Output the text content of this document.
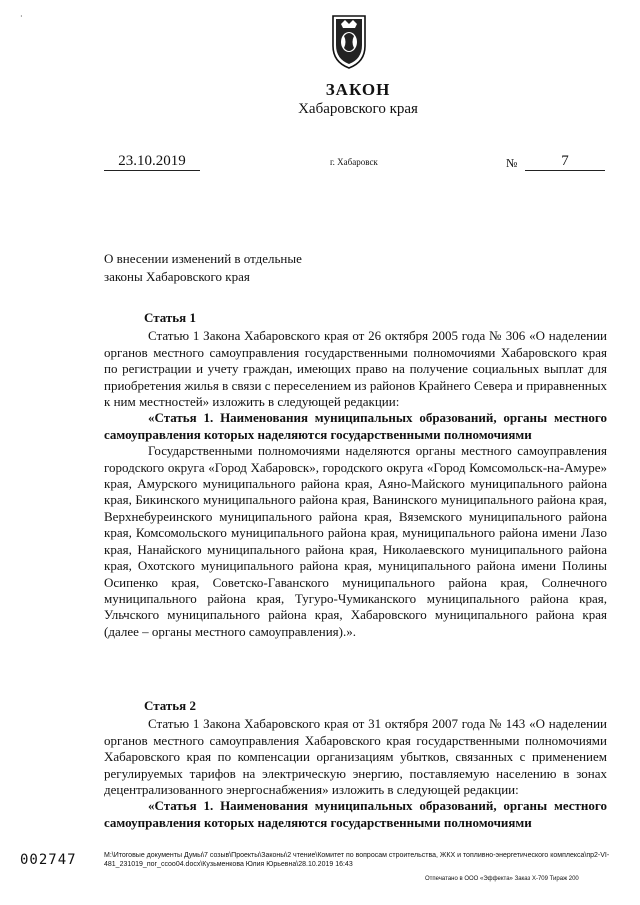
·
ЗАКОН
Хабаровского края
23.10.2019	г. Хабаровск	№	7
О внесении изменений в отдельные
законы Хабаровского края
Статья 1

Статью 1 Закона Хабаровского края от 26 октября 2005 года № 306 «О наделении органов местного самоуправления государственными полномочиями Хабаровского края по регистрации и учету граждан, имеющих право на получение социальных выплат для приобретения жилья в связи с переселением из районов Крайнего Севера и приравненных к ним местностей» изложить в следующей редакции:

«Статья 1. Наименования муниципальных образований, органы местного самоуправления которых наделяются государственными полномочиями

Государственными полномочиями наделяются органы местного самоуправления городского округа «Город Хабаровск», городского округа «Город Комсомольск-на-Амуре» края, Амурского муниципального района края, Аяно-Майского муниципального района края, Бикинского муниципального района края, Ванинского муниципального района края, Верхнебуреинского муниципального района края, Вяземского муниципального района края, Комсомольского муниципального района края, муниципального района имени Лазо края, Нанайского муниципального района края, Николаевского муниципального района края, Охотского муниципального района края, муниципального района имени Полины Осипенко края, Советско-Гаванского муниципального района края, Солнечного муниципального района края, Тугуро-Чумиканского муниципального района края, Ульчского муниципального района края, Хабаровского муниципального района края (далее – органы местного самоуправления).».

Статья 2

Статью 1 Закона Хабаровского края от 31 октября 2007 года № 143 «О наделении органов местного самоуправления Хабаровского края государственными полномочиями Хабаровского края по компенсации организациям убытков, связанных с применением регулируемых тарифов на электрическую энергию, поставляемую населению в зонах децентрализованного энергоснабжения» изложить в следующей редакции:

«Статья 1. Наименования муниципальных образований, органы местного самоуправления которых наделяются государственными полномочиями

002747	M:\Итоговые документы Думы\7 созыв\Проекты\Законы\2 чтение\Комитет по вопросам строительства, ЖКХ и топливно-энергетического комплекса\пр2-VI-481_231019_пог_ссоо04.docx\Кузьменкова Юлия Юрьевна\28.10.2019 16:43
Отпечатано в ООО «Эффекта» Заказ Х-709 Тираж 200
